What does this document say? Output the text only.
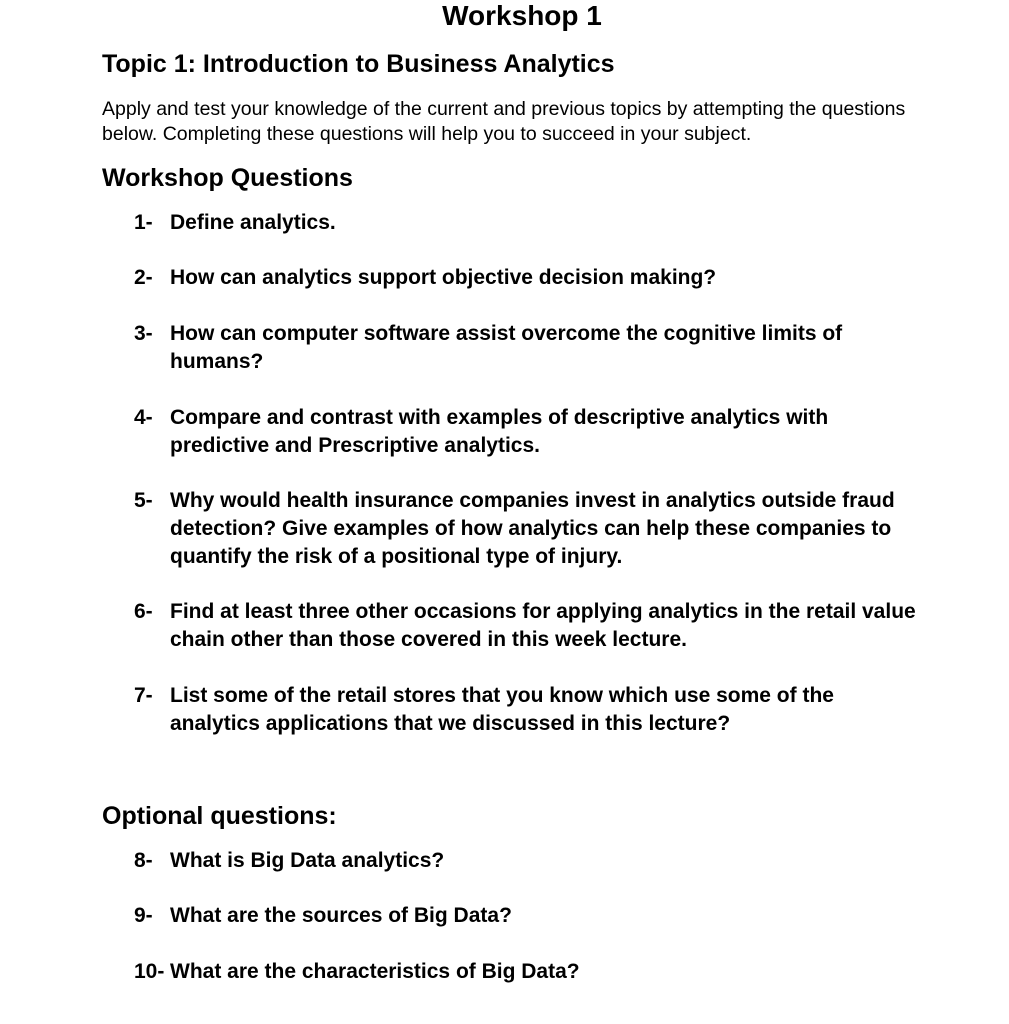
Workshop 1
Topic 1: Introduction to Business Analytics
Apply and test your knowledge of the current and previous topics by attempting the questions below. Completing these questions will help you to succeed in your subject.
Workshop Questions
1- Define analytics.
2- How can analytics support objective decision making?
3- How can computer software assist overcome the cognitive limits of humans?
4- Compare and contrast with examples of descriptive analytics with predictive and Prescriptive analytics.
5- Why would health insurance companies invest in analytics outside fraud detection? Give examples of how analytics can help these companies to quantify the risk of a positional type of injury.
6- Find at least three other occasions for applying analytics in the retail value chain other than those covered in this week lecture.
7- List some of the retail stores that you know which use some of the analytics applications that we discussed in this lecture?
Optional questions:
8- What is Big Data analytics?
9- What are the sources of Big Data?
10- What are the characteristics of Big Data?
